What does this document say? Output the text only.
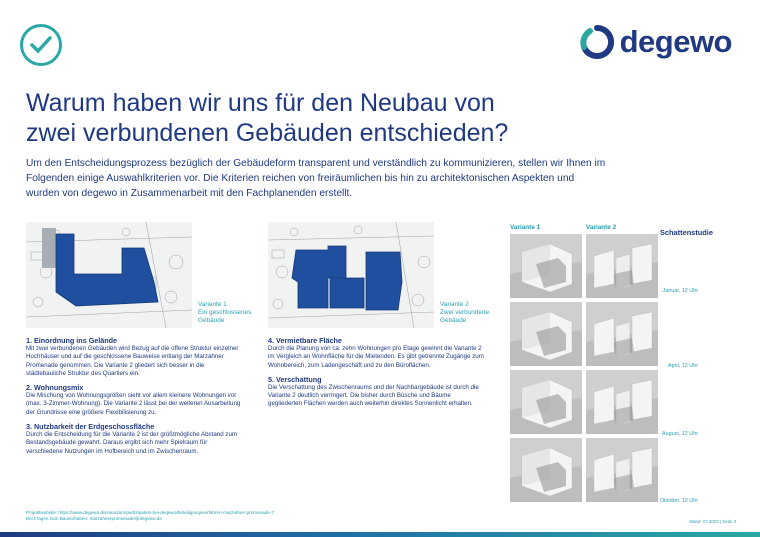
degewo
Warum haben wir uns für den Neubau von
zwei verbundenen Gebäuden entschieden?

Um den Entscheidungsprozess bezüglich der Gebäudeform transparent und verständlich zu kommunizieren, stellen wir Ihnen im Folgenden einige Auswahlkriterien vor. Die Kriterien reichen von freiräumlichen bis hin zu architektonischen Aspekten und wurden von degewo in Zusammenarbeit mit den Fachplanenden erstellt.

Variante 1
Ein geschlossenes
Gebäude
Variante 2
Zwei verbundene
Gebäude
1. Einordnung ins Gelände

Mit zwei verbundenen Gebäuden wird Bezug auf die offene Struktur einzelner Hochhäuser und auf die geschlossene Bauweise entlang der Marzahner Promenade genommen. Die Variante 2 gliedert sich besser in die städtebauliche Struktur des Quartiers ein.

2. Wohnungsmix

Die Mischung von Wohnungsgrößen sieht vor allem kleinere Wohnungen vor (max. 3-Zimmer-Wohnung). Die Variante 2 lässt bei der weiteren Ausarbeitung der Grundrisse eine größere Flexibilisierung zu.

3. Nutzbarkeit der Erdgeschossfläche

Durch die Entscheidung für die Variante 2 ist der größtmögliche Abstand zum Bestandsgebäude gewahrt. Daraus ergibt sich mehr Spielraum für verschiedene Nutzungen im Hofbereich und im Zwischenraum.

4. Vermietbare Fläche

Durch die Planung von ca. zehn Wohnungen pro Etage gewinnt die Variante 2 im Vergleich an Wohnfläche für die Mietenden. Es gibt getrennte Zugänge zum Wohnbereich, zum Ladengeschäft und zu den Büroflächen.

5. Verschattung

Die Verschattung des Zwischenraums und der Nachbargebäude ist durch die Variante 2 deutlich verringert. Die bisher durch Büsche und Bäume gegliederten Flächen werden auch weiterhin direktes Sonnenlicht erhalten.

Variante 1	Variante 2
Schattenstudie
Januar, 12 Uhr
April, 12 Uhr
August, 12 Uhr
Oktober, 12 Uhr
Projektwebsite: https://www.degewo.de/raum/um/partizipation-bei-degewo/beteiligungsverfahren-marzahner-promenade-7
Bei Fragen zum Bauvorhaben: marzahnerpromenade@degewo.de
Stand: 07.2023 | Seite 3
